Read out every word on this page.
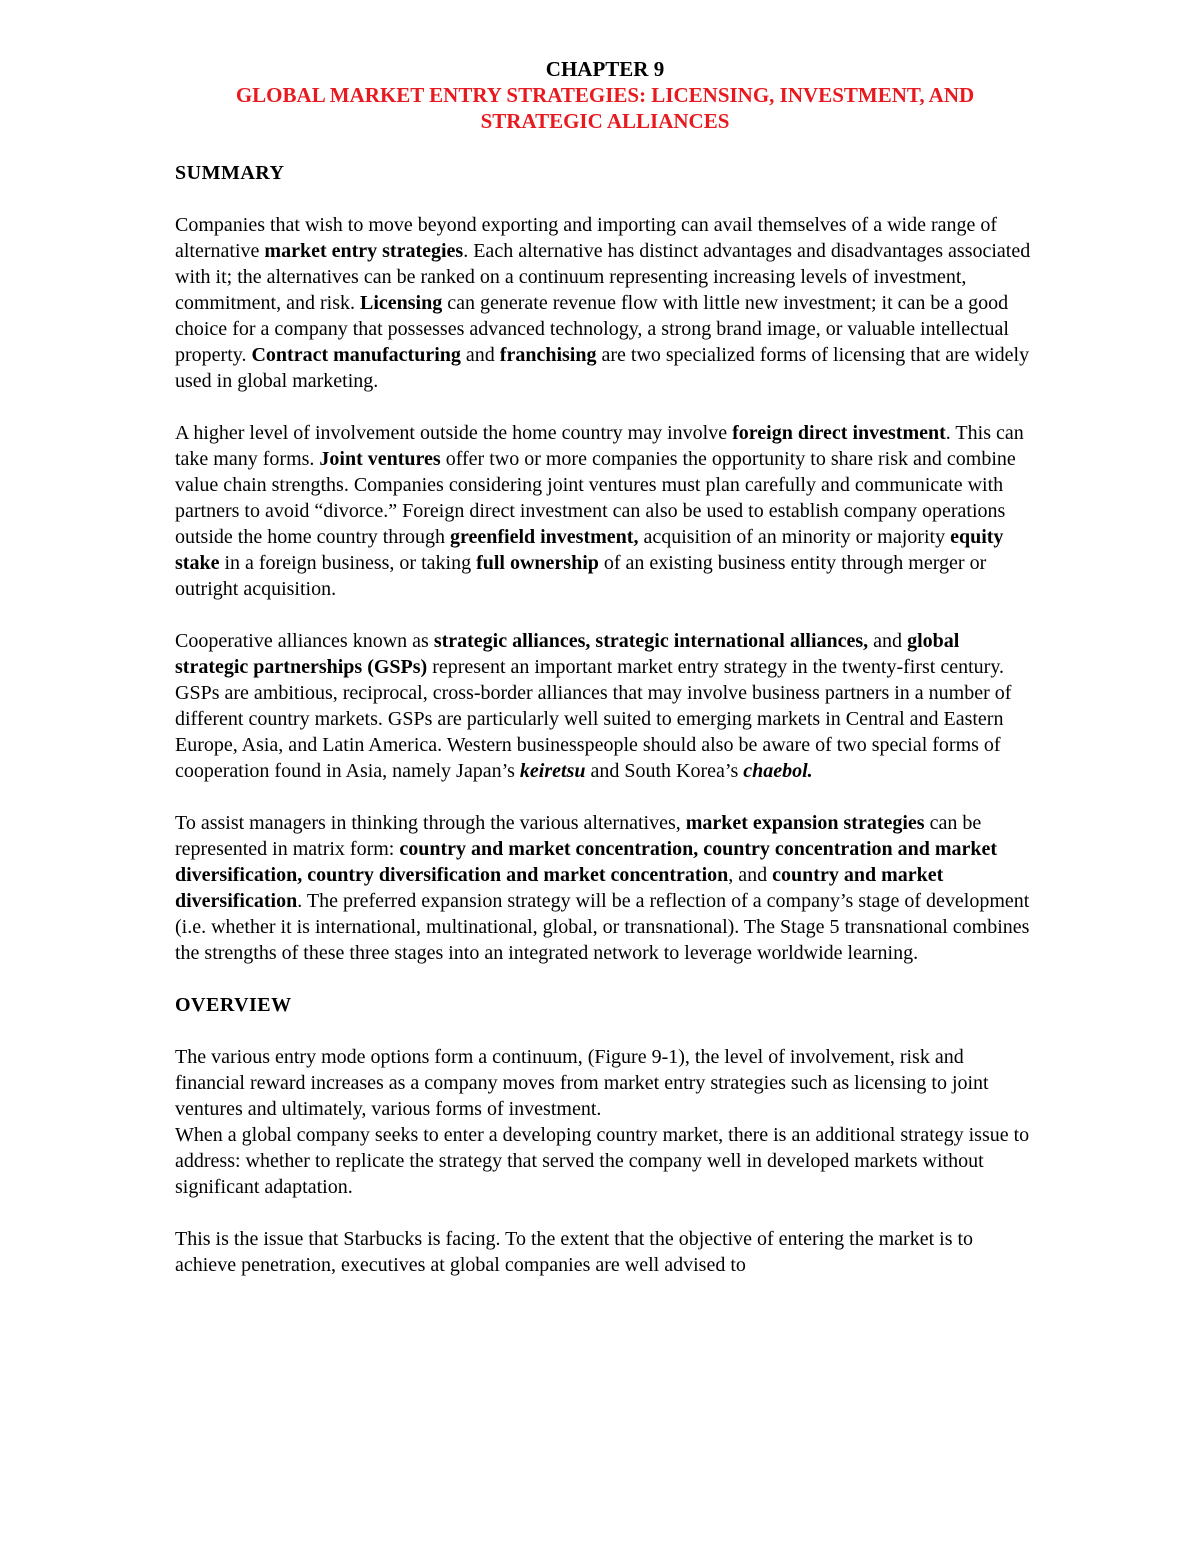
CHAPTER 9
GLOBAL MARKET ENTRY STRATEGIES: LICENSING, INVESTMENT, AND
STRATEGIC ALLIANCES
SUMMARY

Companies that wish to move beyond exporting and importing can avail themselves of a wide range of alternative market entry strategies. Each alternative has distinct advantages and disadvantages associated with it; the alternatives can be ranked on a continuum representing increasing levels of investment, commitment, and risk. Licensing can generate revenue flow with little new investment; it can be a good choice for a company that possesses advanced technology, a strong brand image, or valuable intellectual property. Contract manufacturing and franchising are two specialized forms of licensing that are widely used in global marketing.

A higher level of involvement outside the home country may involve foreign direct investment. This can take many forms. Joint ventures offer two or more companies the opportunity to share risk and combine value chain strengths. Companies considering joint ventures must plan carefully and communicate with partners to avoid “divorce.” Foreign direct investment can also be used to establish company operations outside the home country through greenfield investment, acquisition of an minority or majority equity stake in a foreign business, or taking full ownership of an existing business entity through merger or outright acquisition.

Cooperative alliances known as strategic alliances, strategic international alliances, and global strategic partnerships (GSPs) represent an important market entry strategy in the twenty-first century. GSPs are ambitious, reciprocal, cross-border alliances that may involve business partners in a number of different country markets. GSPs are particularly well suited to emerging markets in Central and Eastern Europe, Asia, and Latin America. Western businesspeople should also be aware of two special forms of cooperation found in Asia, namely Japan’s keiretsu and South Korea’s chaebol.

To assist managers in thinking through the various alternatives, market expansion strategies can be represented in matrix form: country and market concentration, country concentration and market diversification, country diversification and market concentration, and country and market diversification. The preferred expansion strategy will be a reflection of a company’s stage of development (i.e. whether it is international, multinational, global, or transnational). The Stage 5 transnational combines the strengths of these three stages into an integrated network to leverage worldwide learning.

OVERVIEW

The various entry mode options form a continuum, (Figure 9-1), the level of involvement, risk and financial reward increases as a company moves from market entry strategies such as licensing to joint ventures and ultimately, various forms of investment.

When a global company seeks to enter a developing country market, there is an additional strategy issue to address: whether to replicate the strategy that served the company well in developed markets without significant adaptation.

This is the issue that Starbucks is facing. To the extent that the objective of entering the market is to achieve penetration, executives at global companies are well advised to
